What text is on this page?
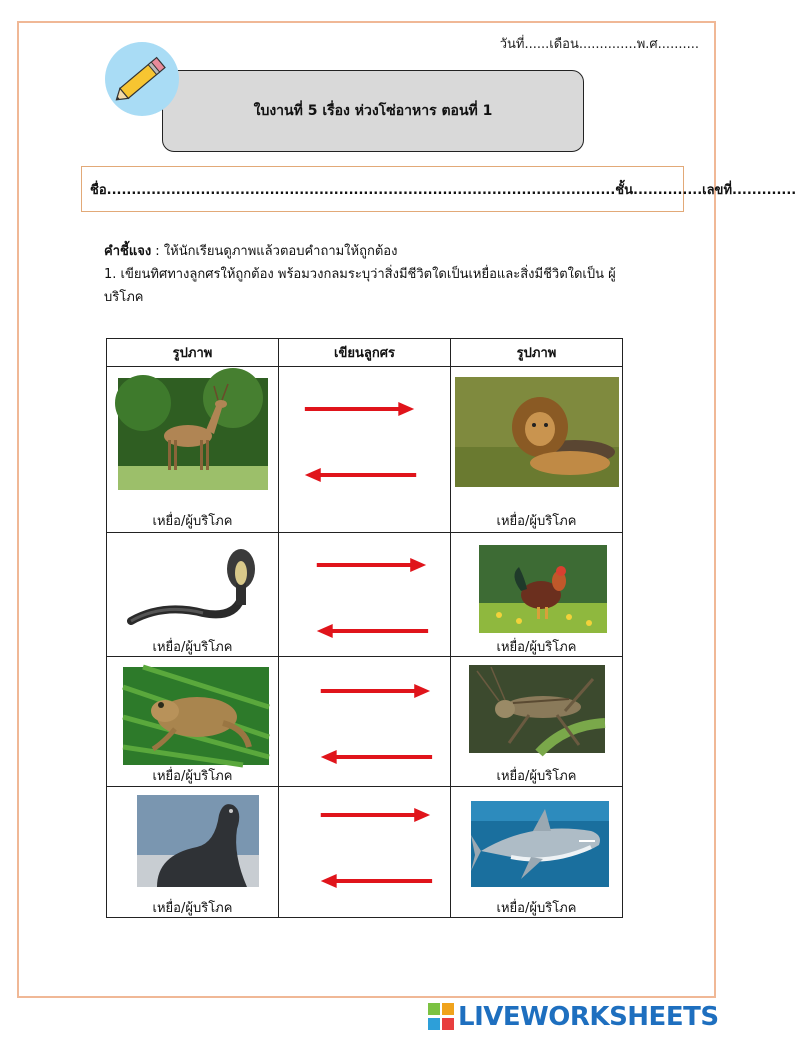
วันที่......เดือน..............พ.ศ..........
ใบงานที่ 5 เรื่อง ห่วงโซ่อาหาร ตอนที่ 1
ชื่อ.......................................................................................................ชั้น..............เลขที่.............
คำชี้แจง : ให้นักเรียนดูภาพแล้วตอบคำถามให้ถูกต้อง
1. เขียนทิศทางลูกศรให้ถูกต้อง พร้อมวงกลมระบุว่าสิ่งมีชีวิตใดเป็นเหยื่อและสิ่งมีชีวิตใดเป็น ผู้บริโภค
รูปภาพ	เขียนลูกศร	รูปภาพ

เหยื่อ/ผู้บริโภค		เหยื่อ/ผู้บริโภค

เหยื่อ/ผู้บริโภค		เหยื่อ/ผู้บริโภค

เหยื่อ/ผู้บริโภค		เหยื่อ/ผู้บริโภค

เหยื่อ/ผู้บริโภค		เหยื่อ/ผู้บริโภค
LIVEWORKSHEETS
